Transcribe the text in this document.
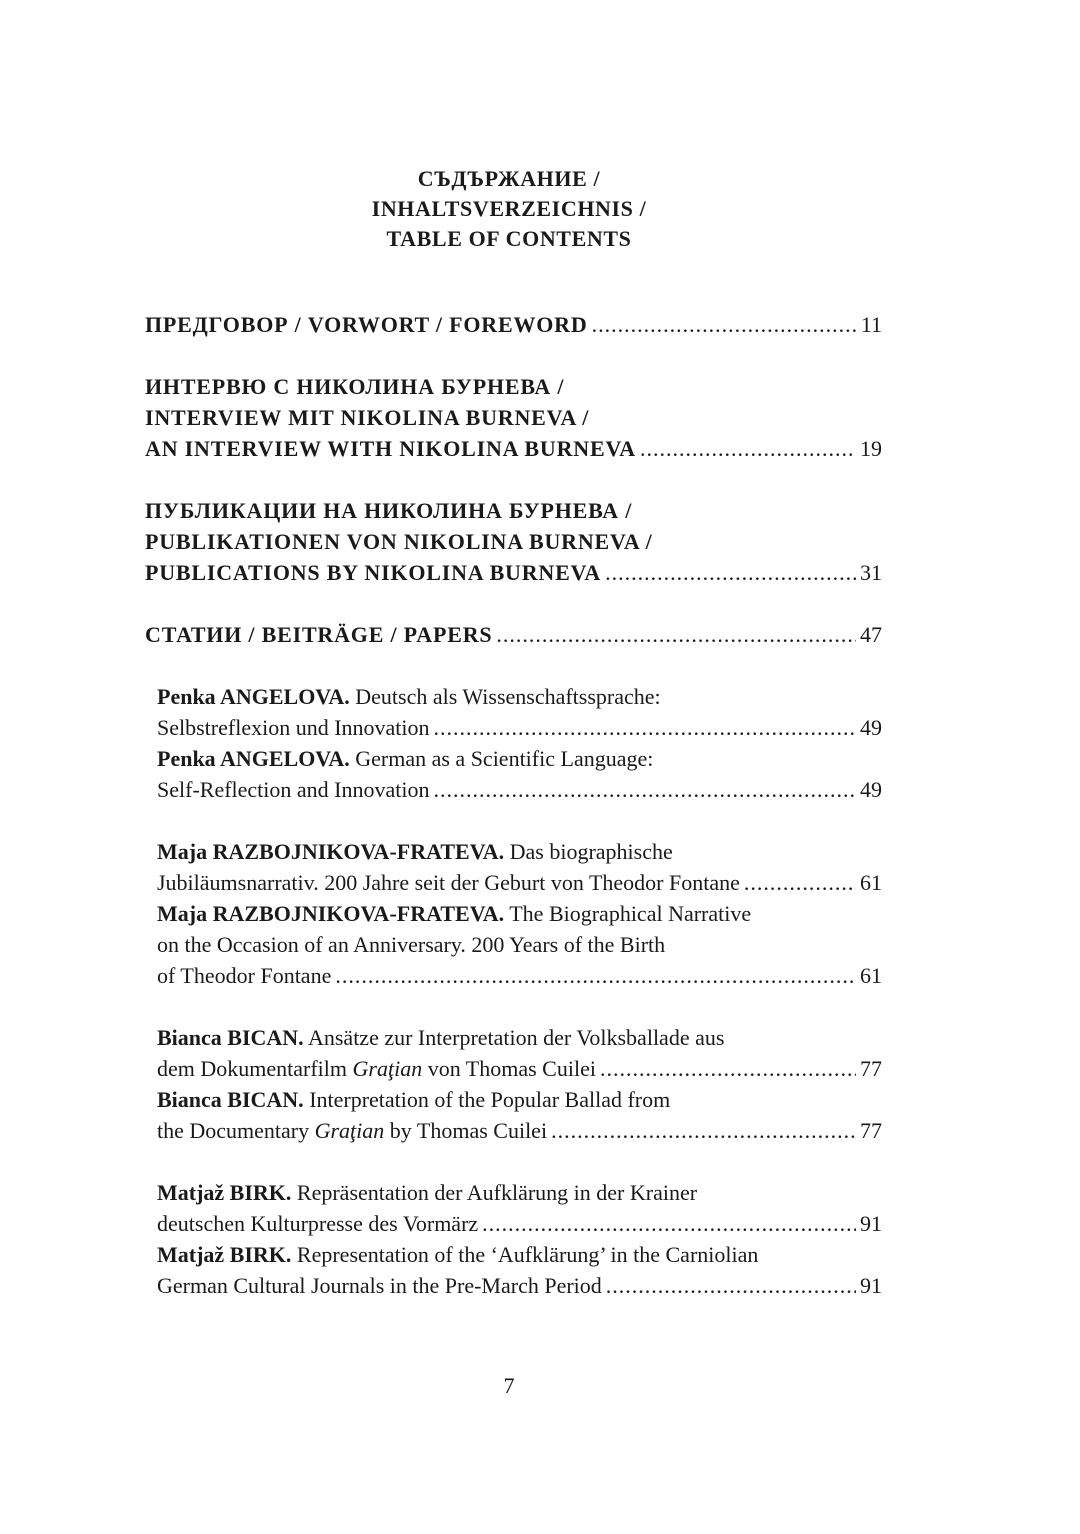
СЪДЪРЖАНИЕ /
INHALTSVERZEICHNIS /
TABLE OF CONTENTS
ПРЕДГОВОР / VORWORT / FOREWORD .....	11
ИНТЕРВЮ С НИКОЛИНА БУРНЕВА /
INTERVIEW MIT NIKOLINA BURNEVA /
AN INTERVIEW WITH NIKOLINA BURNEVA .....	19
ПУБЛИКАЦИИ НА НИКОЛИНА БУРНЕВА /
PUBLIKATIONEN VON NIKOLINA BURNEVA /
PUBLICATIONS BY NIKOLINA BURNEVA .....	31
СТАТИИ / BEITRÄGE / PAPERS .....	47
Penka ANGELOVA. Deutsch als Wissenschaftssprache:
Selbstreflexion und Innovation .....	49
Penka ANGELOVA. German as a Scientific Language:
Self-Reflection and Innovation .....	49
Maja RAZBOJNIKOVA-FRATEVA. Das biographische
Jubiläumsnarrativ. 200 Jahre seit der Geburt von Theodor Fontane .....	61
Maja RAZBOJNIKOVA-FRATEVA. The Biographical Narrative
on the Occasion of an Anniversary. 200 Years of the Birth
of Theodor Fontane .....	61
Bianca BICAN. Ansätze zur Interpretation der Volksballade aus
dem Dokumentarfilm Graţian von Thomas Cuilei .....	77
Bianca BICAN. Interpretation of the Popular Ballad from
the Documentary Graţian by Thomas Cuilei .....	77
Matjaž BIRK. Repräsentation der Aufklärung in der Krainer
deutschen Kulturpresse des Vormärz .....	91
Matjaž BIRK. Representation of the ‘Aufklärung’ in the Carniolian
German Cultural Journals in the Pre-March Period .....	91
7
